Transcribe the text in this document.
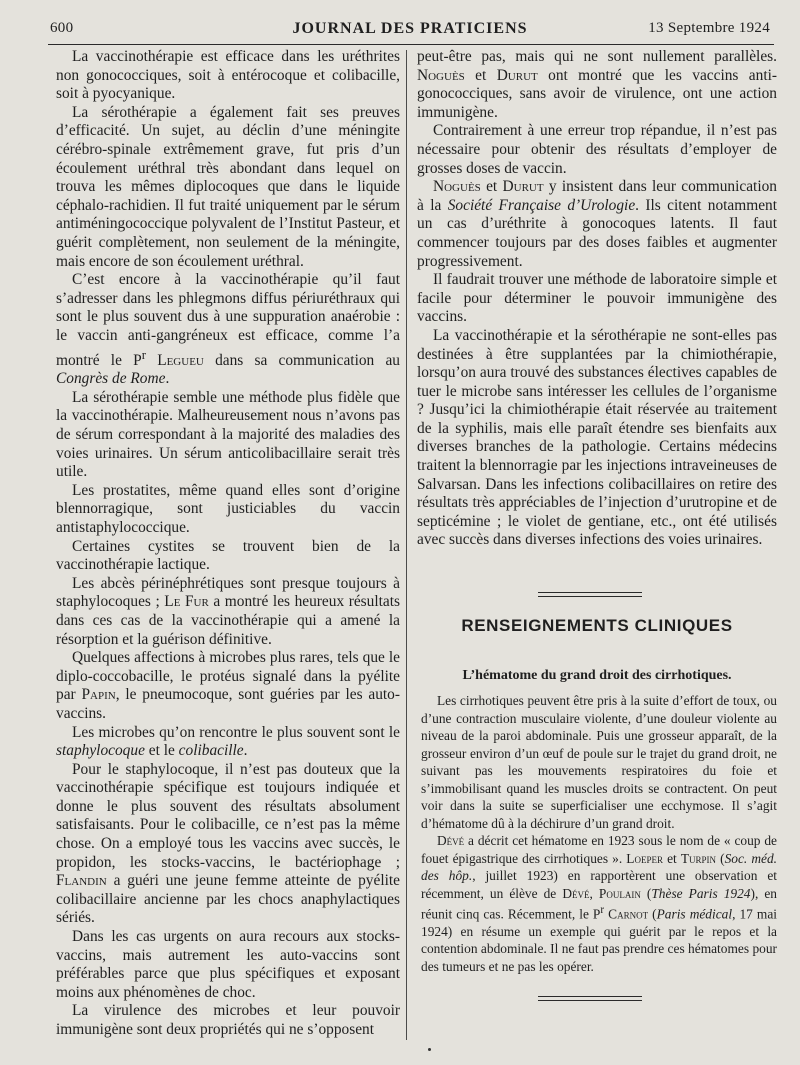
600	JOURNAL DES PRATICIENS	13 Septembre 1924

La vaccinothérapie est efficace dans les uréthrites non gonococciques, soit à entérocoque et colibacille, soit à pyocyanique.

La sérothérapie a également fait ses preuves d’efficacité. Un sujet, au déclin d’une méningite cérébro-spinale extrêmement grave, fut pris d’un écoulement uréthral très abondant dans lequel on trouva les mêmes diplocoques que dans le liquide céphalo-rachidien. Il fut traité uniquement par le sérum antiméningococcique polyvalent de l’Institut Pasteur, et guérit complètement, non seulement de la méningite, mais encore de son écoulement uréthral.

C’est encore à la vaccinothérapie qu’il faut s’adresser dans les phlegmons diffus périuréthraux qui sont le plus souvent dus à une suppuration anaérobie : le vaccin anti-gangréneux est efficace, comme l’a montré le $P^r$ Legueu dans sa communication au Congrès de Rome.

La sérothérapie semble une méthode plus fidèle que la vaccinothérapie. Malheureusement nous n’avons pas de sérum correspondant à la majorité des maladies des voies urinaires. Un sérum anticolibacillaire serait très utile.

Les prostatites, même quand elles sont d’origine blennorragique, sont justiciables du vaccin antistaphylococcique.

Certaines cystites se trouvent bien de la vaccinothérapie lactique.

Les abcès périnéphrétiques sont presque toujours à staphylocoques ; Le Fur a montré les heureux résultats dans ces cas de la vaccinothérapie qui a amené la résorption et la guérison définitive.

Quelques affections à microbes plus rares, tels que le diplo-coccobacille, le protéus signalé dans la pyélite par Papin, le pneumocoque, sont guéries par les auto-vaccins.

Les microbes qu’on rencontre le plus souvent sont le staphylocoque et le colibacille.

Pour le staphylocoque, il n’est pas douteux que la vaccinothérapie spécifique est toujours indiquée et donne le plus souvent des résultats absolument satisfaisants. Pour le colibacille, ce n’est pas la même chose. On a employé tous les vaccins avec succès, le propidon, les stocks-vaccins, le bactériophage ; Flandin a guéri une jeune femme atteinte de pyélite colibacillaire ancienne par les chocs anaphylactiques sériés.

Dans les cas urgents on aura recours aux stocks-vaccins, mais autrement les auto-vaccins sont préférables parce que plus spécifiques et exposant moins aux phénomènes de choc.

La virulence des microbes et leur pouvoir immunigène sont deux propriétés qui ne s’opposent

peut-être pas, mais qui ne sont nullement parallèles. Noguès et Durut ont montré que les vaccins anti-gonococciques, sans avoir de virulence, ont une action immunigène.

Contrairement à une erreur trop répandue, il n’est pas nécessaire pour obtenir des résultats d’employer de grosses doses de vaccin.

Noguès et Durut y insistent dans leur communication à la Société Française d’Urologie. Ils citent notamment un cas d’uréthrite à gonocoques latents. Il faut commencer toujours par des doses faibles et augmenter progressivement.

Il faudrait trouver une méthode de laboratoire simple et facile pour déterminer le pouvoir immunigène des vaccins.

La vaccinothérapie et la sérothérapie ne sont-elles pas destinées à être supplantées par la chimiothérapie, lorsqu’on aura trouvé des substances électives capables de tuer le microbe sans intéresser les cellules de l’organisme ? Jusqu’ici la chimiothérapie était réservée au traitement de la syphilis, mais elle paraît étendre ses bienfaits aux diverses branches de la pathologie. Certains médecins traitent la blennorragie par les injections intraveineuses de Salvarsan. Dans les infections colibacillaires on retire des résultats très appréciables de l’injection d’urutropine et de septicémine ; le violet de gentiane, etc., ont été utilisés avec succès dans diverses infections des voies urinaires.

RENSEIGNEMENTS CLINIQUES
L’hématome du grand droit des cirrhotiques.

Les cirrhotiques peuvent être pris à la suite d’effort de toux, ou d’une contraction musculaire violente, d’une douleur violente au niveau de la paroi abdominale. Puis une grosseur apparaît, de la grosseur environ d’un œuf de poule sur le trajet du grand droit, ne suivant pas les mouvements respiratoires du foie et s’immobilisant quand les muscles droits se contractent. On peut voir dans la suite se superficialiser une ecchymose. Il s’agit d’hématome dû à la déchirure d’un grand droit.

Dévé a décrit cet hématome en 1923 sous le nom de « coup de fouet épigastrique des cirrhotiques ». Loeper et Turpin (Soc. méd. des hôp., juillet 1923) en rapportèrent une observation et récemment, un élève de Dévé, Poulain (Thèse Paris 1924), en réunit cinq cas. Récemment, le $P^r$ Carnot (Paris médical, 17 mai 1924) en résume un exemple qui guérit par le repos et la contention abdominale. Il ne faut pas prendre ces hématomes pour des tumeurs et ne pas les opérer.
